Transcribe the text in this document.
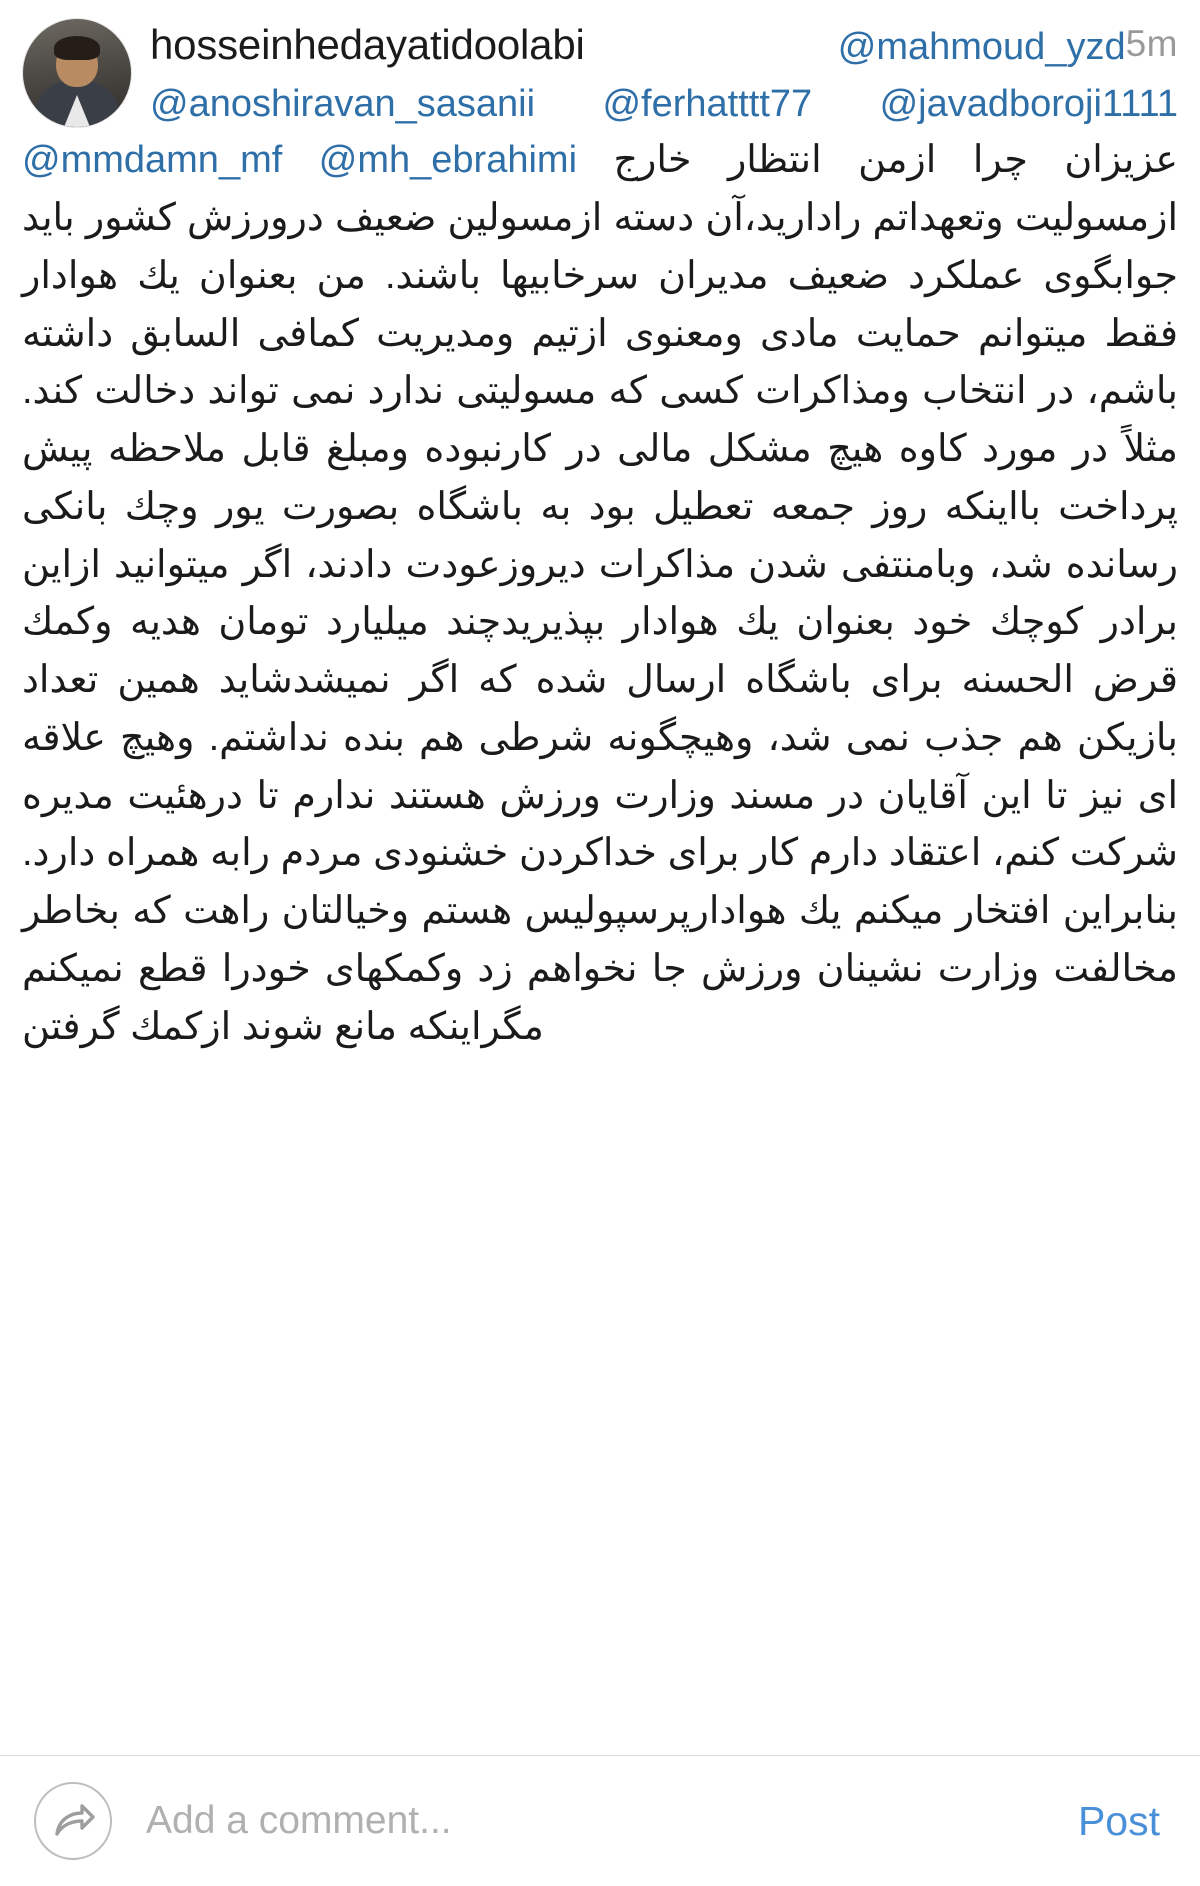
5m
hosseinhedayatidoolabi	@mahmoud_yzd @anoshiravan_sasanii @ferhatttt77 @javadboroji1111 @mmdamn_mf @mh_ebrahimi عزیزان چرا ازمن انتظار خارج ازمسولیت وتعهداتم رادارید،آن دسته ازمسولین ضعیف درورزش کشور باید جوابگوی عملکرد ضعیف مدیران سرخابیها باشند. من بعنوان یك هوادار فقط میتوانم حمایت مادی ومعنوی ازتیم ومدیریت كمافی السابق داشته باشم، در انتخاب ومذاكرات كسی كه مسولیتی ندارد نمی تواند دخالت كند. مثلاً در مورد كاوه هیچ مشكل مالی در كارنبوده ومبلغ قابل ملاحظه پیش پرداخت بااینكه روز جمعه تعطیل بود به باشگاه بصورت یور وچك بانكی رسانده شد، وبامنتفی شدن مذاكرات دیروزعودت دادند، اگر میتوانید ازاین برادر كوچك خود بعنوان یك هوادار بپذیریدچند میلیارد تومان هدیه وكمك قرض الحسنه برای باشگاه ارسال شده كه اگر نمیشدشاید همین تعداد بازیكن هم جذب نمی شد، وهیچگونه شرطی هم بنده نداشتم. وهیچ علاقه ای نیز تا این آقایان در مسند وزارت ورزش هستند ندارم تا درهئیت مدیره شركت كنم، اعتقاد دارم كار برای خداكردن خشنودی مردم رابه همراه دارد. بنابراین افتخار میكنم یك هوادارپرسپولیس هستم وخیالتان راهت كه بخاطر مخالفت وزارت نشینان ورزش جا نخواهم زد وكمكهای خودرا قطع نمیكنم مگراینكه مانع شوند ازكمك گرفتن
Add a comment...
Post
